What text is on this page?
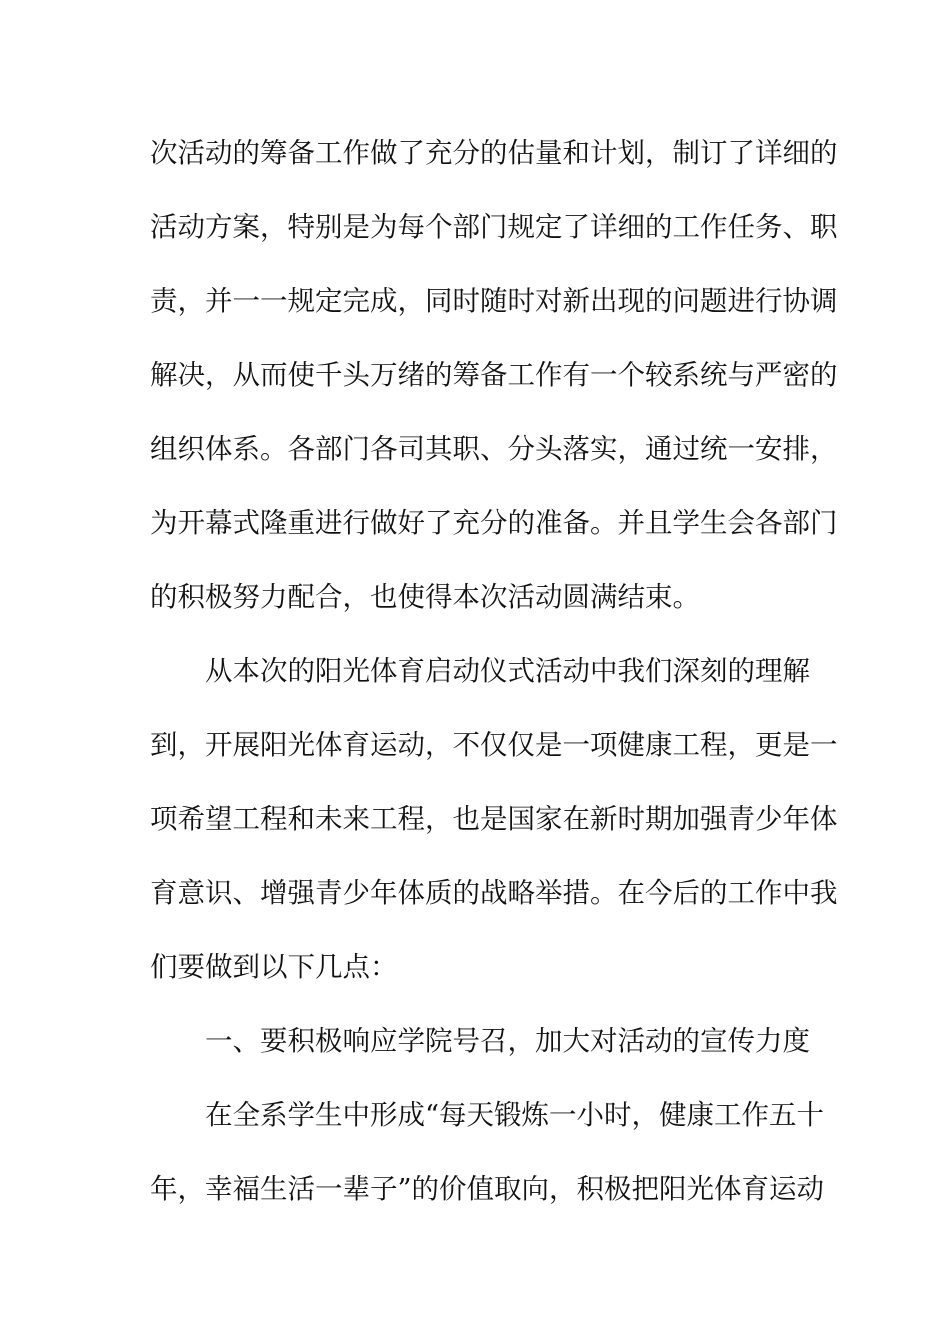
次活动的筹备工作做了充分的估量和计划，制订了详细的
活动方案，特别是为每个部门规定了详细的工作任务、职
责，并一一规定完成，同时随时对新出现的问题进行协调
解决，从而使千头万绪的筹备工作有一个较系统与严密的
组织体系。各部门各司其职、分头落实，通过统一安排，
为开幕式隆重进行做好了充分的准备。并且学生会各部门
的积极努力配合，也使得本次活动圆满结束。
从本次的阳光体育启动仪式活动中我们深刻的理解
到，开展阳光体育运动，不仅仅是一项健康工程，更是一
项希望工程和未来工程，也是国家在新时期加强青少年体
育意识、增强青少年体质的战略举措。在今后的工作中我
们要做到以下几点：
一、要积极响应学院号召，加大对活动的宣传力度
在全系学生中形成“每天锻炼一小时，健康工作五十
年，幸福生活一辈子”的价值取向，积极把阳光体育运动
